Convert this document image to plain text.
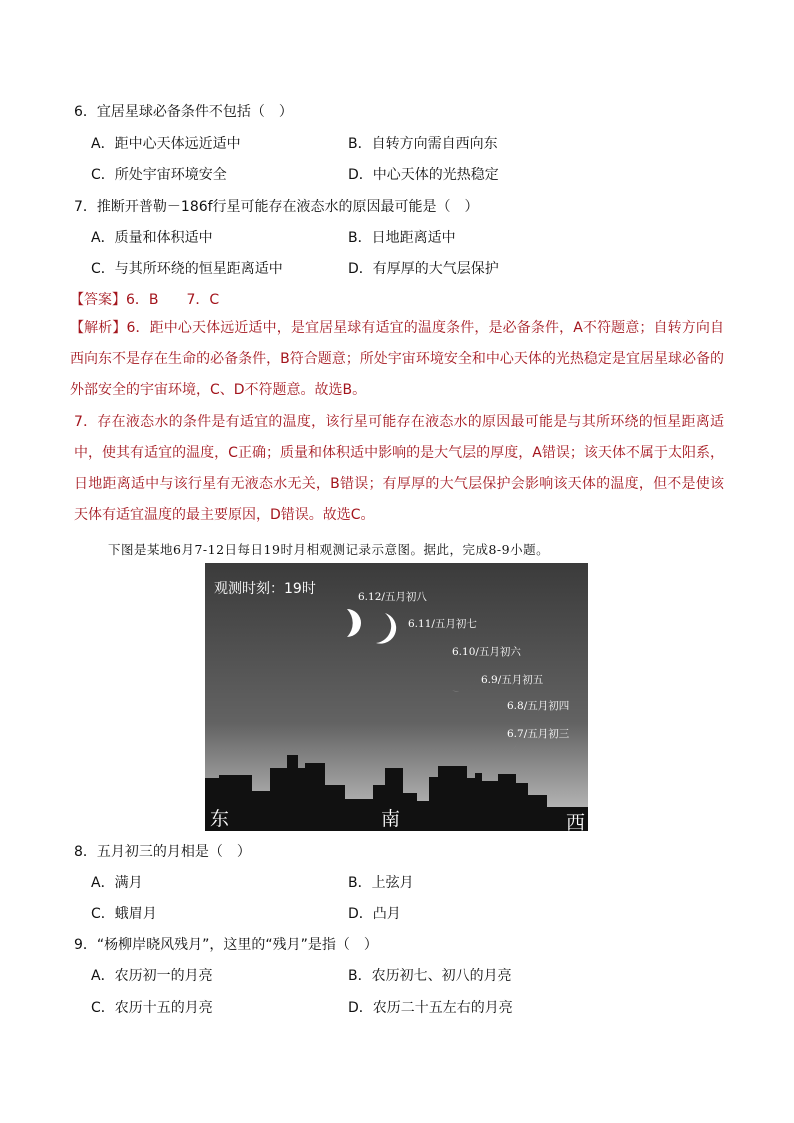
6．宜居星球必备条件不包括（　）
A．距中心天体远近适中	B．自转方向需自西向东
C．所处宇宙环境安全	D．中心天体的光热稳定
7．推断开普勒－186f行星可能存在液态水的原因最可能是（　）
A．质量和体积适中	B．日地距离适中
C．与其所环绕的恒星距离适中	D．有厚厚的大气层保护
【答案】6．B　　7．C
【解析】6．距中心天体远近适中，是宜居星球有适宜的温度条件，是必备条件，A不符题意；自转方向自西向东不是存在生命的必备条件，B符合题意；所处宇宙环境安全和中心天体的光热稳定是宜居星球必备的外部安全的宇宙环境，C、D不符题意。故选B。
7．存在液态水的条件是有适宜的温度，该行星可能存在液态水的原因最可能是与其所环绕的恒星距离适中，使其有适宜的温度，C正确；质量和体积适中影响的是大气层的厚度，A错误；该天体不属于太阳系，日地距离适中与该行星有无液态水无关，B错误；有厚厚的大气层保护会影响该天体的温度，但不是使该天体有适宜温度的最主要原因，D错误。故选C。
下图是某地6月7-12日每日19时月相观测记录示意图。据此，完成8-9小题。
观测时刻：19时	6.12/五月初八
6.11/五月初七
6.10/五月初六
6.9/五月初五
6.8/五月初四
6.7/五月初三
东	南	西
8．五月初三的月相是（　）
A．满月	B．上弦月
C．蛾眉月	D．凸月
9．“杨柳岸晓风残月”，这里的“残月”是指（　）
A．农历初一的月亮	B．农历初七、初八的月亮
C．农历十五的月亮	D．农历二十五左右的月亮
